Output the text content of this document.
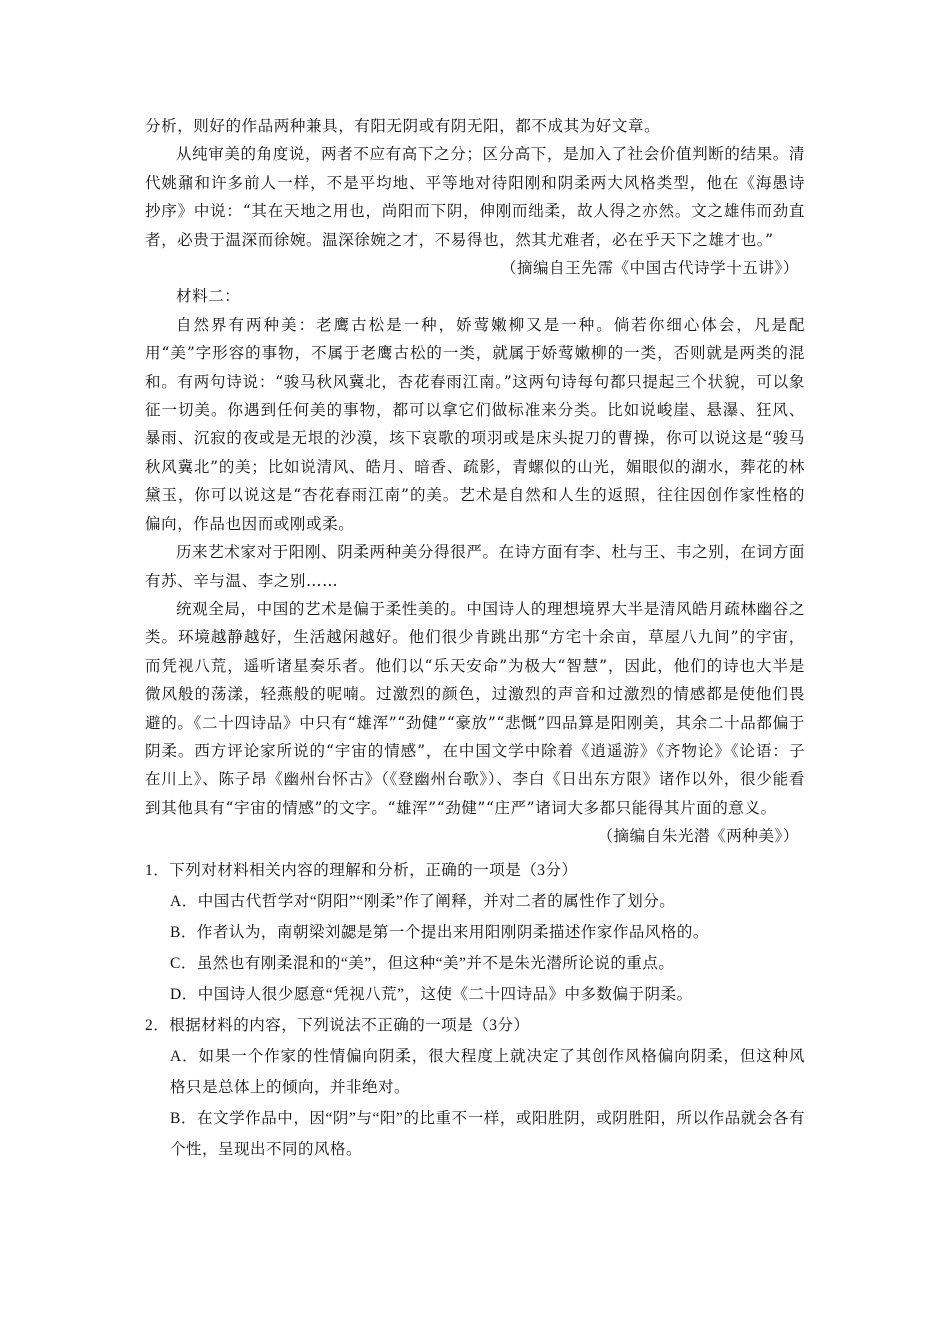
分析，则好的作品两种兼具，有阳无阴或有阴无阳，都不成其为好文章。

从纯审美的角度说，两者不应有高下之分；区分高下，是加入了社会价值判断的结果。清代姚鼐和许多前人一样，不是平均地、平等地对待阳刚和阴柔两大风格类型，他在《海愚诗抄序》中说：“其在天地之用也，尚阳而下阴，伸刚而绌柔，故人得之亦然。文之雄伟而劲直者，必贵于温深而徐婉。温深徐婉之才，不易得也，然其尤难者，必在乎天下之雄才也。”

（摘编自王先霈《中国古代诗学十五讲》）

材料二：

自然界有两种美：老鹰古松是一种，娇莺嫩柳又是一种。倘若你细心体会，凡是配用“美”字形容的事物，不属于老鹰古松的一类，就属于娇莺嫩柳的一类，否则就是两类的混和。有两句诗说：“骏马秋风冀北，杏花春雨江南。”这两句诗每句都只提起三个状貌，可以象征一切美。你遇到任何美的事物，都可以拿它们做标准来分类。比如说峻崖、悬瀑、狂风、暴雨、沉寂的夜或是无垠的沙漠，垓下哀歌的项羽或是床头捉刀的曹操，你可以说这是“骏马秋风冀北”的美；比如说清风、皓月、暗香、疏影，青螺似的山光，媚眼似的湖水，葬花的林黛玉，你可以说这是“杏花春雨江南”的美。艺术是自然和人生的返照，往往因创作家性格的偏向，作品也因而或刚或柔。

历来艺术家对于阳刚、阴柔两种美分得很严。在诗方面有李、杜与王、韦之别，在词方面有苏、辛与温、李之别……

统观全局，中国的艺术是偏于柔性美的。中国诗人的理想境界大半是清风皓月疏林幽谷之类。环境越静越好，生活越闲越好。他们很少肯跳出那“方宅十余亩，草屋八九间”的宇宙，而凭视八荒，遥听诸星奏乐者。他们以“乐天安命”为极大“智慧”，因此，他们的诗也大半是微风般的荡漾，轻燕般的呢喃。过激烈的颜色，过激烈的声音和过激烈的情感都是使他们畏避的。《二十四诗品》中只有“雄浑”“劲健”“豪放”“悲慨”四品算是阳刚美，其余二十品都偏于阴柔。西方评论家所说的“宇宙的情感”，在中国文学中除着《逍遥游》《齐物论》《论语：子在川上》、陈子昂《幽州台怀古》（《登幽州台歌》）、李白《日出东方限》诸作以外，很少能看到其他具有“宇宙的情感”的文字。“雄浑”“劲健”“庄严”诸词大多都只能得其片面的意义。

（摘编自朱光潜《两种美》）

1．下列对材料相关内容的理解和分析，正确的一项是（3分）

A．中国古代哲学对“阴阳”“刚柔”作了阐释，并对二者的属性作了划分。

B．作者认为，南朝梁刘勰是第一个提出来用阳刚阴柔描述作家作品风格的。

C．虽然也有刚柔混和的“美”，但这种“美”并不是朱光潜所论说的重点。

D．中国诗人很少愿意“凭视八荒”，这使《二十四诗品》中多数偏于阴柔。

2．根据材料的内容，下列说法不正确的一项是（3分）

A．如果一个作家的性情偏向阴柔，很大程度上就决定了其创作风格偏向阴柔，但这种风格只是总体上的倾向，并非绝对。

B．在文学作品中，因“阴”与“阳”的比重不一样，或阳胜阴，或阴胜阳，所以作品就会各有个性，呈现出不同的风格。
